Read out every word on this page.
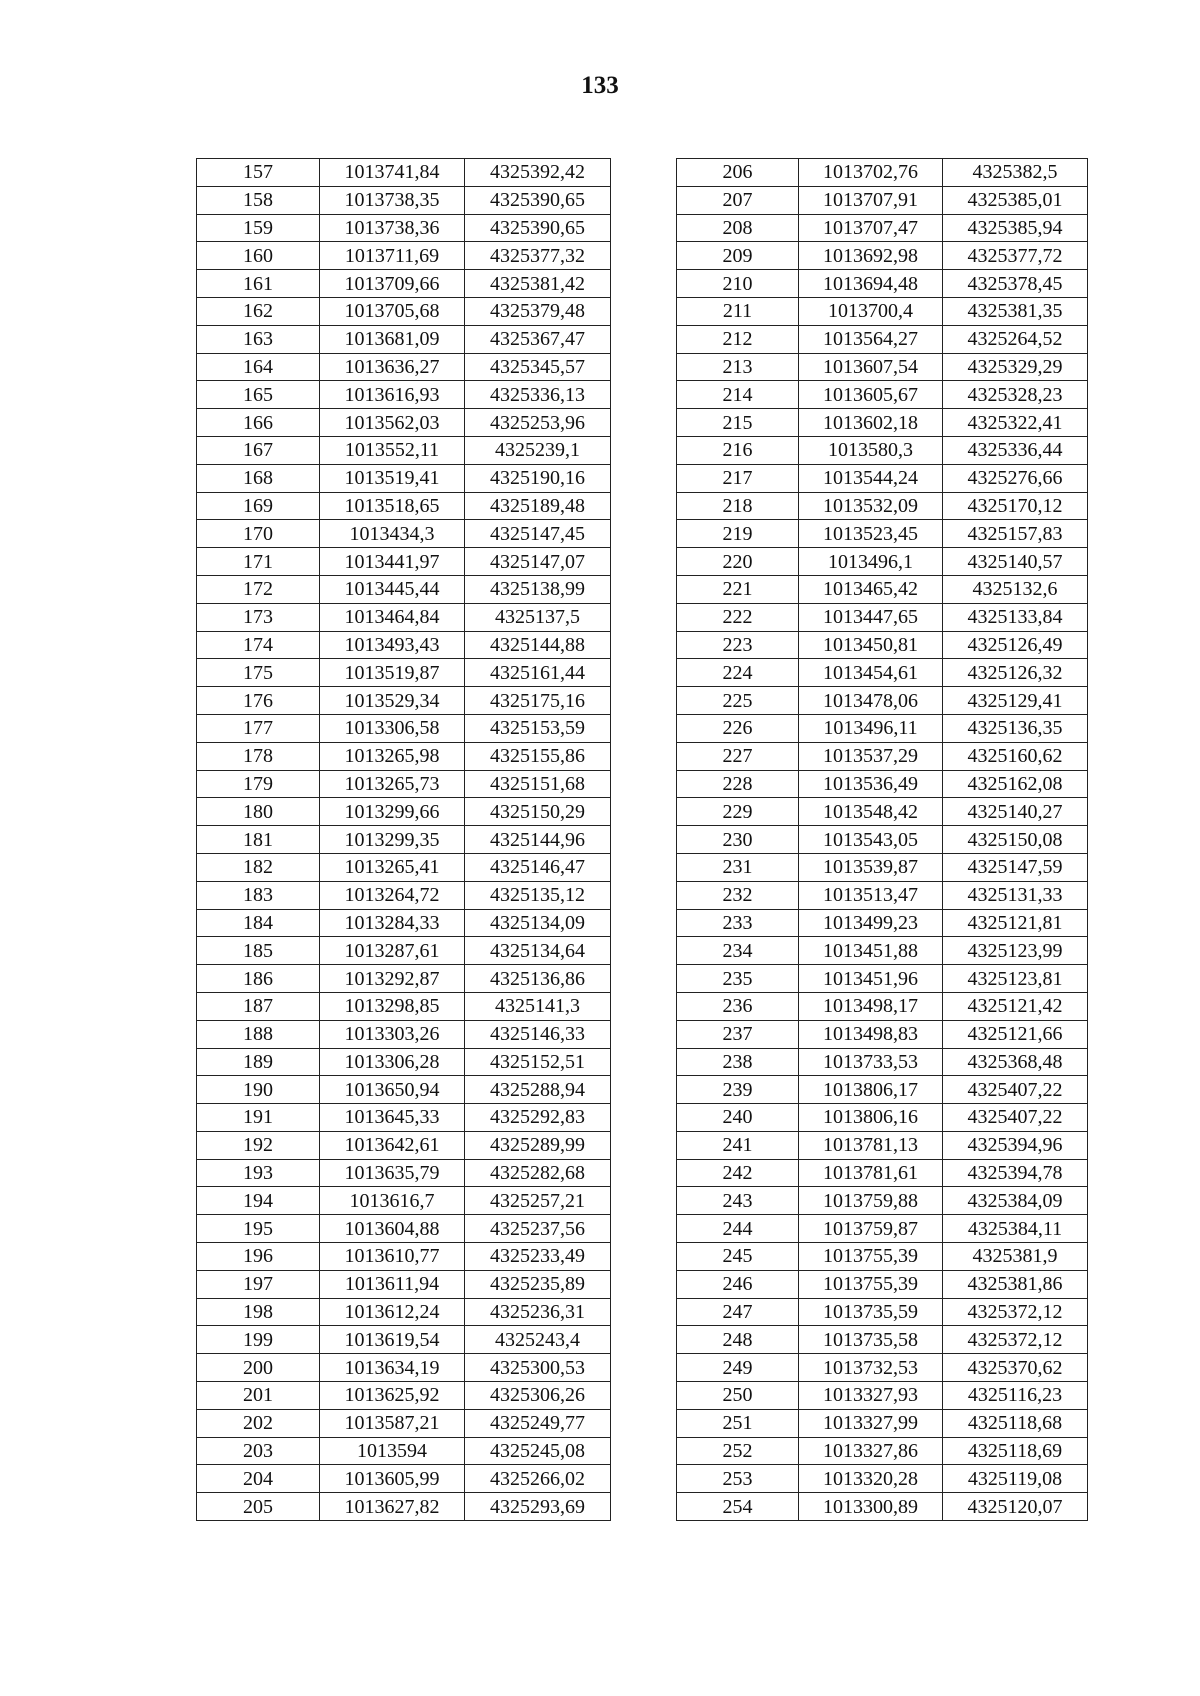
133
157	1013741,84	4325392,42
158	1013738,35	4325390,65
159	1013738,36	4325390,65
160	1013711,69	4325377,32
161	1013709,66	4325381,42
162	1013705,68	4325379,48
163	1013681,09	4325367,47
164	1013636,27	4325345,57
165	1013616,93	4325336,13
166	1013562,03	4325253,96
167	1013552,11	4325239,1
168	1013519,41	4325190,16
169	1013518,65	4325189,48
170	1013434,3	4325147,45
171	1013441,97	4325147,07
172	1013445,44	4325138,99
173	1013464,84	4325137,5
174	1013493,43	4325144,88
175	1013519,87	4325161,44
176	1013529,34	4325175,16
177	1013306,58	4325153,59
178	1013265,98	4325155,86
179	1013265,73	4325151,68
180	1013299,66	4325150,29
181	1013299,35	4325144,96
182	1013265,41	4325146,47
183	1013264,72	4325135,12
184	1013284,33	4325134,09
185	1013287,61	4325134,64
186	1013292,87	4325136,86
187	1013298,85	4325141,3
188	1013303,26	4325146,33
189	1013306,28	4325152,51
190	1013650,94	4325288,94
191	1013645,33	4325292,83
192	1013642,61	4325289,99
193	1013635,79	4325282,68
194	1013616,7	4325257,21
195	1013604,88	4325237,56
196	1013610,77	4325233,49
197	1013611,94	4325235,89
198	1013612,24	4325236,31
199	1013619,54	4325243,4
200	1013634,19	4325300,53
201	1013625,92	4325306,26
202	1013587,21	4325249,77
203	1013594	4325245,08
204	1013605,99	4325266,02
205	1013627,82	4325293,69
206	1013702,76	4325382,5
207	1013707,91	4325385,01
208	1013707,47	4325385,94
209	1013692,98	4325377,72
210	1013694,48	4325378,45
211	1013700,4	4325381,35
212	1013564,27	4325264,52
213	1013607,54	4325329,29
214	1013605,67	4325328,23
215	1013602,18	4325322,41
216	1013580,3	4325336,44
217	1013544,24	4325276,66
218	1013532,09	4325170,12
219	1013523,45	4325157,83
220	1013496,1	4325140,57
221	1013465,42	4325132,6
222	1013447,65	4325133,84
223	1013450,81	4325126,49
224	1013454,61	4325126,32
225	1013478,06	4325129,41
226	1013496,11	4325136,35
227	1013537,29	4325160,62
228	1013536,49	4325162,08
229	1013548,42	4325140,27
230	1013543,05	4325150,08
231	1013539,87	4325147,59
232	1013513,47	4325131,33
233	1013499,23	4325121,81
234	1013451,88	4325123,99
235	1013451,96	4325123,81
236	1013498,17	4325121,42
237	1013498,83	4325121,66
238	1013733,53	4325368,48
239	1013806,17	4325407,22
240	1013806,16	4325407,22
241	1013781,13	4325394,96
242	1013781,61	4325394,78
243	1013759,88	4325384,09
244	1013759,87	4325384,11
245	1013755,39	4325381,9
246	1013755,39	4325381,86
247	1013735,59	4325372,12
248	1013735,58	4325372,12
249	1013732,53	4325370,62
250	1013327,93	4325116,23
251	1013327,99	4325118,68
252	1013327,86	4325118,69
253	1013320,28	4325119,08
254	1013300,89	4325120,07
